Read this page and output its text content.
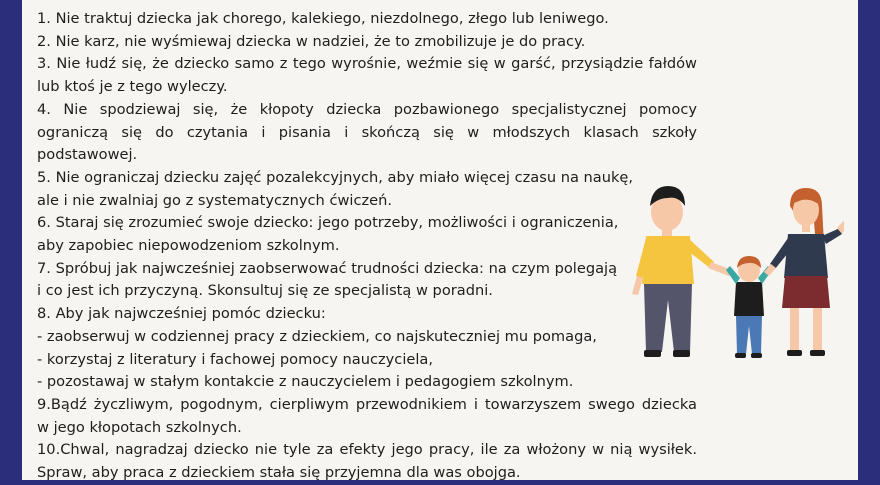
1. Nie traktuj dziecka jak chorego, kalekiego, niezdolnego, złego lub leniwego.
2. Nie karz, nie wyśmiewaj dziecka w nadziei, że to zmobilizuje je do pracy.
3. Nie łudź się, że dziecko samo z tego wyrośnie, weźmie się w garść, przysiądzie fałdów
lub ktoś je z tego wyleczy.
4. Nie spodziewaj się, że kłopoty dziecka pozbawionego specjalistycznej pomocy
ograniczą się do czytania i pisania i skończą się w młodszych klasach szkoły
podstawowej.
5. Nie ograniczaj dziecku zajęć pozalekcyjnych, aby miało więcej czasu na naukę,
ale i nie zwalniaj go z systematycznych ćwiczeń.
6. Staraj się zrozumieć swoje dziecko: jego potrzeby, możliwości i ograniczenia,
aby zapobiec niepowodzeniom szkolnym.
7. Spróbuj jak najwcześniej zaobserwować trudności dziecka: na czym polegają
i co jest ich przyczyną. Skonsultuj się ze specjalistą w poradni.
8. Aby jak najwcześniej pomóc dziecku:
- zaobserwuj w codziennej pracy z dzieckiem, co najskuteczniej mu pomaga,
- korzystaj z literatury i fachowej pomocy nauczyciela,
- pozostawaj w stałym kontakcie z nauczycielem i pedagogiem szkolnym.
9.Bądź życzliwym, pogodnym, cierpliwym przewodnikiem i towarzyszem swego dziecka
w jego kłopotach szkolnych.
10.Chwal, nagradzaj dziecko nie tyle za efekty jego pracy, ile za włożony w nią wysiłek.
Spraw, aby praca z dzieckiem stała się przyjemna dla was obojga.
